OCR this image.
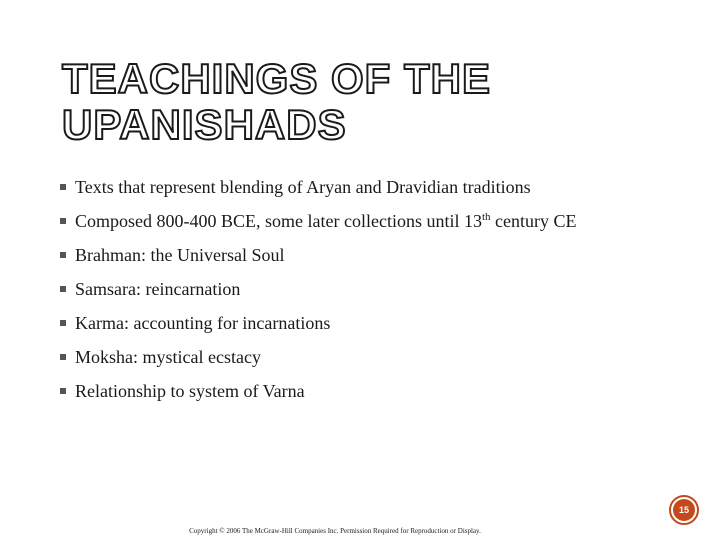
TEACHINGS OF THE
UPANISHADS
Texts that represent blending of Aryan and Dravidian traditions
Composed 800-400 BCE, some later collections until 13th century CE
Brahman: the Universal Soul
Samsara: reincarnation
Karma: accounting for incarnations
Moksha: mystical ecstacy
Relationship to system of Varna
15
Copyright © 2006 The McGraw-Hill Companies Inc. Permission Required for Reproduction or Display.
